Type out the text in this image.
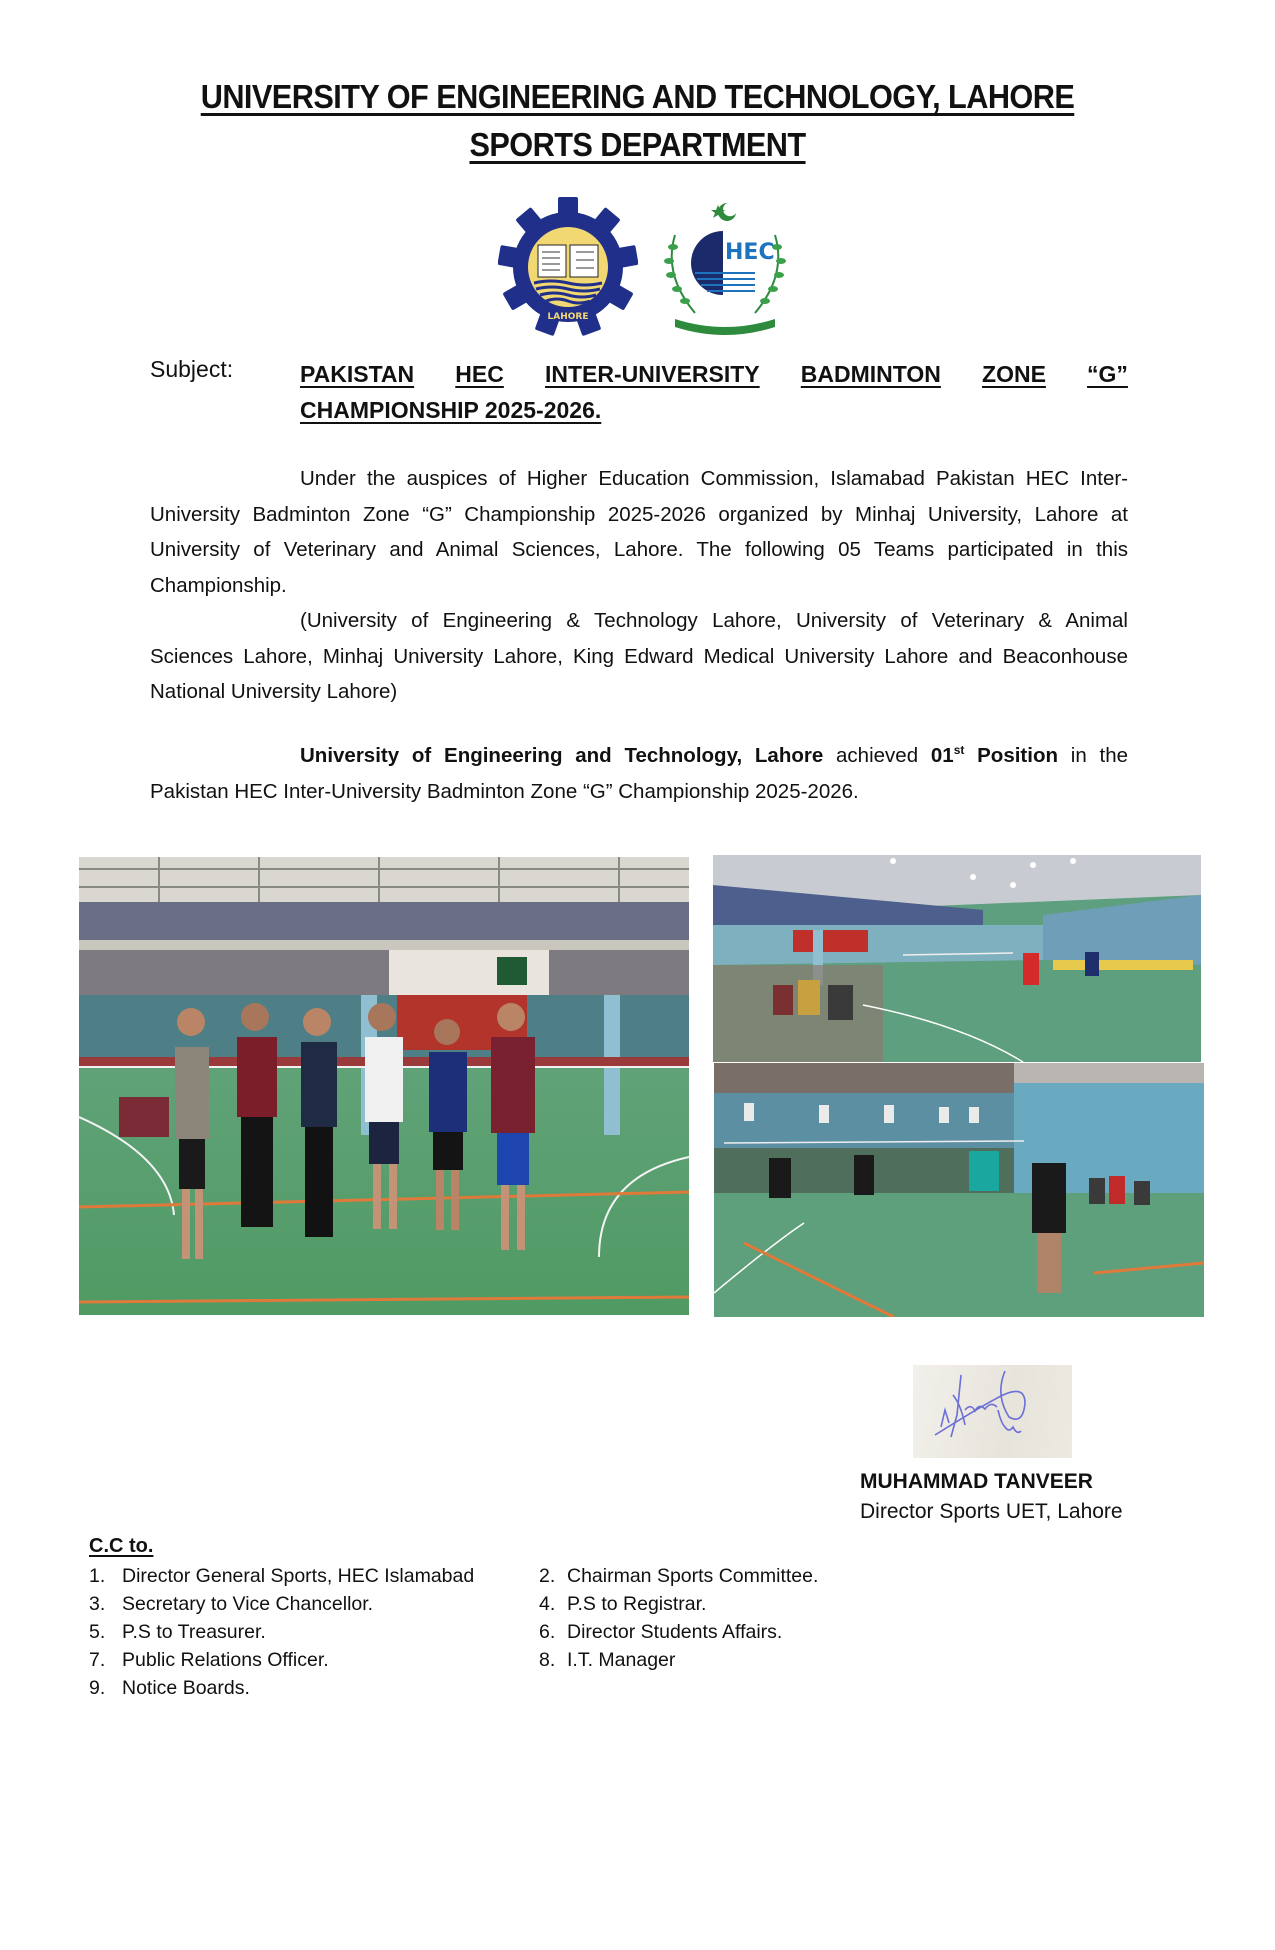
UNIVERSITY OF ENGINEERING AND TECHNOLOGY, LAHORE
SPORTS DEPARTMENT
LAHORE
HEC
Subject:	PAKISTAN HEC INTER-UNIVERSITY BADMINTON ZONE “G”
CHAMPIONSHIP 2025-2026.
Under the auspices of Higher Education Commission, Islamabad Pakistan HEC Inter-University Badminton Zone “G” Championship 2025-2026 organized by Minhaj University, Lahore at University of Veterinary and Animal Sciences, Lahore. The following 05 Teams participated in this Championship.
(University of Engineering & Technology Lahore, University of Veterinary & Animal Sciences Lahore, Minhaj University Lahore, King Edward Medical University Lahore and Beaconhouse National University Lahore)
University of Engineering and Technology, Lahore achieved 01st Position in the Pakistan HEC Inter-University Badminton Zone “G” Championship 2025-2026.
MUHAMMAD TANVEER
Director Sports UET, Lahore
C.C to.
1. Director General Sports, HEC Islamabad	2. Chairman Sports Committee.
3. Secretary to Vice Chancellor.	4. P.S to Registrar.
5. P.S to Treasurer.	6. Director Students Affairs.
7. Public Relations Officer.	8. I.T. Manager
9. Notice Boards.
